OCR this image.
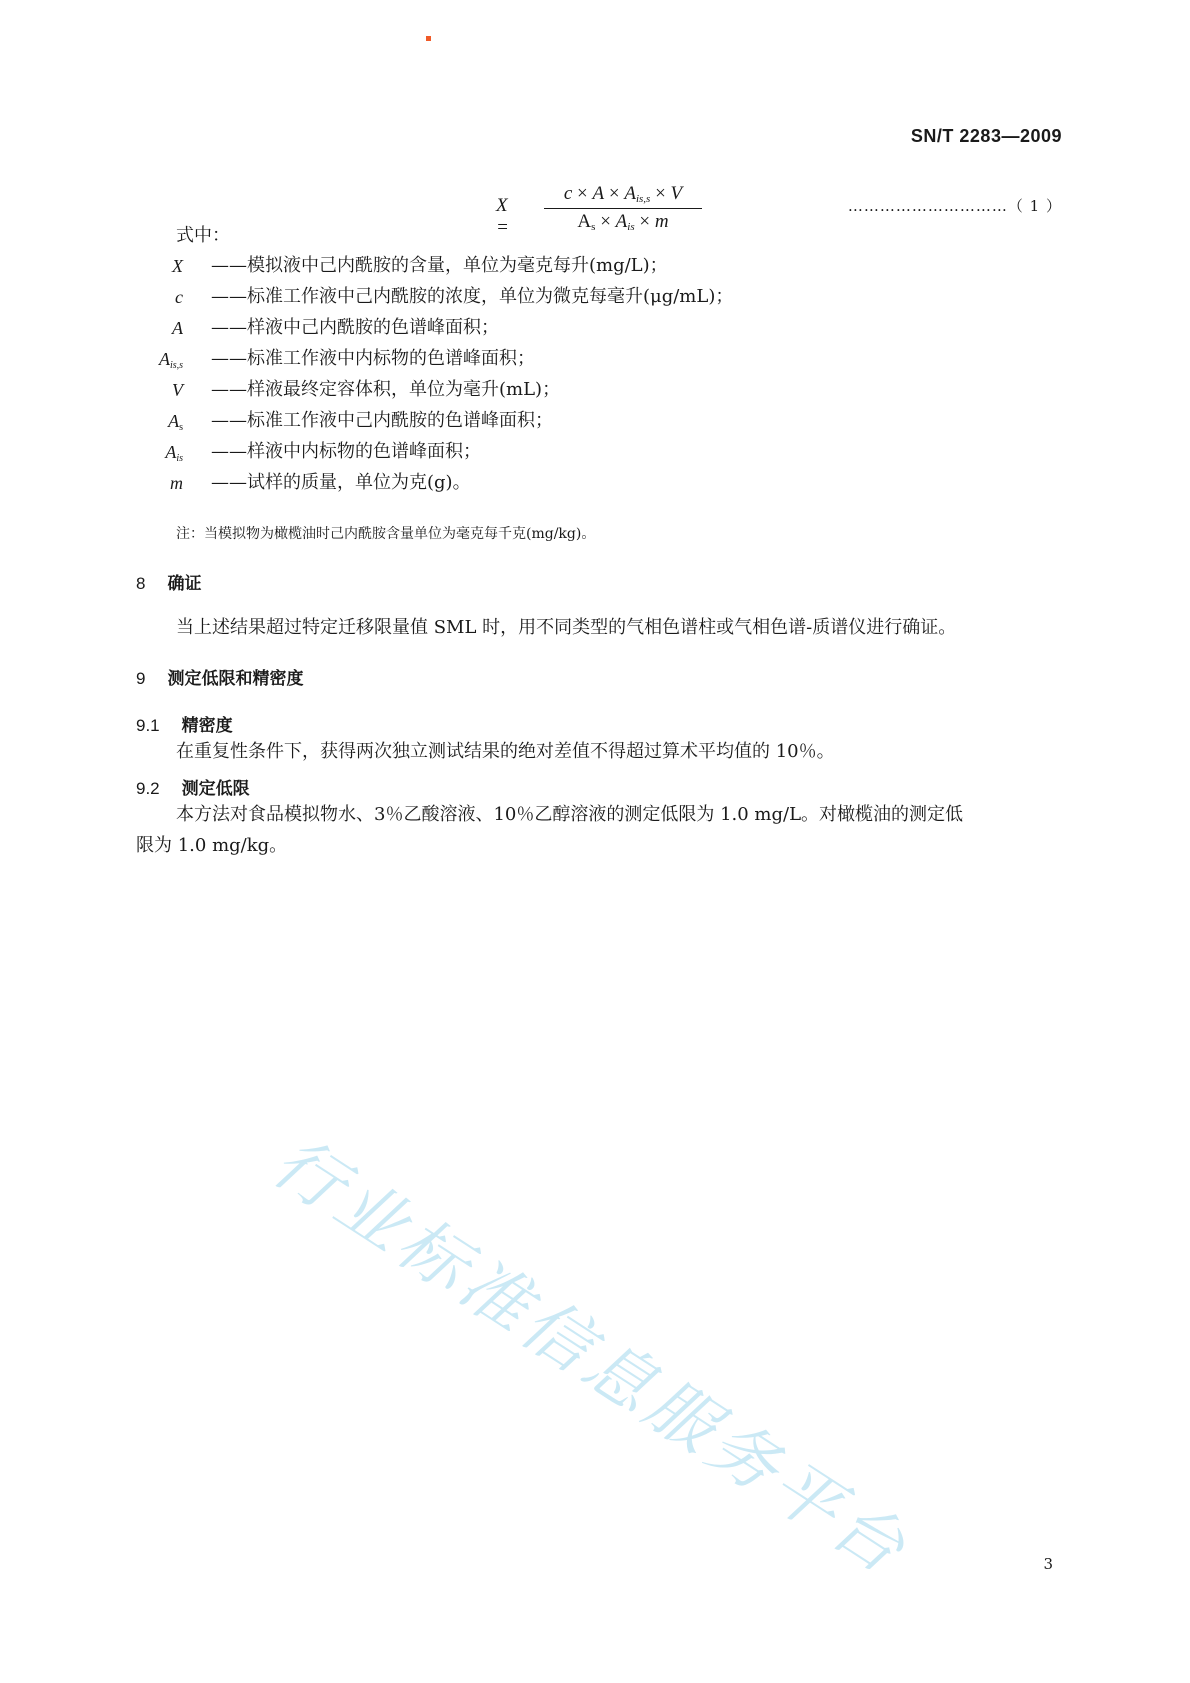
SN/T 2283—2009
X =
$c \times A \times A_{is,s} \times V$
$A_s \times A_{is} \times m$
…………………………（ 1 ）
式中：
X ——模拟液中己内酰胺的含量，单位为毫克每升(mg/L)；
c ——标准工作液中己内酰胺的浓度，单位为微克每毫升(μg/mL)；
A ——样液中己内酰胺的色谱峰面积；
$A_{is,s}$ ——标准工作液中内标物的色谱峰面积；
V ——样液最终定容体积，单位为毫升(mL)；
$A_s$ ——标准工作液中己内酰胺的色谱峰面积；
$A_{is}$ ——样液中内标物的色谱峰面积；
m ——试样的质量，单位为克(g)。
注：当模拟物为橄榄油时己内酰胺含量单位为毫克每千克(mg/kg)。
8 确证
当上述结果超过特定迁移限量值 SML 时，用不同类型的气相色谱柱或气相色谱-质谱仪进行确证。
9 测定低限和精密度
9.1 精密度
在重复性条件下，获得两次独立测试结果的绝对差值不得超过算术平均值的 10％。
9.2 测定低限
本方法对食品模拟物水、3％乙酸溶液、10％乙醇溶液的测定低限为 1.0 mg/L。对橄榄油的测定低
限为 1.0 mg/kg。
行业标准信息服务平台	3
